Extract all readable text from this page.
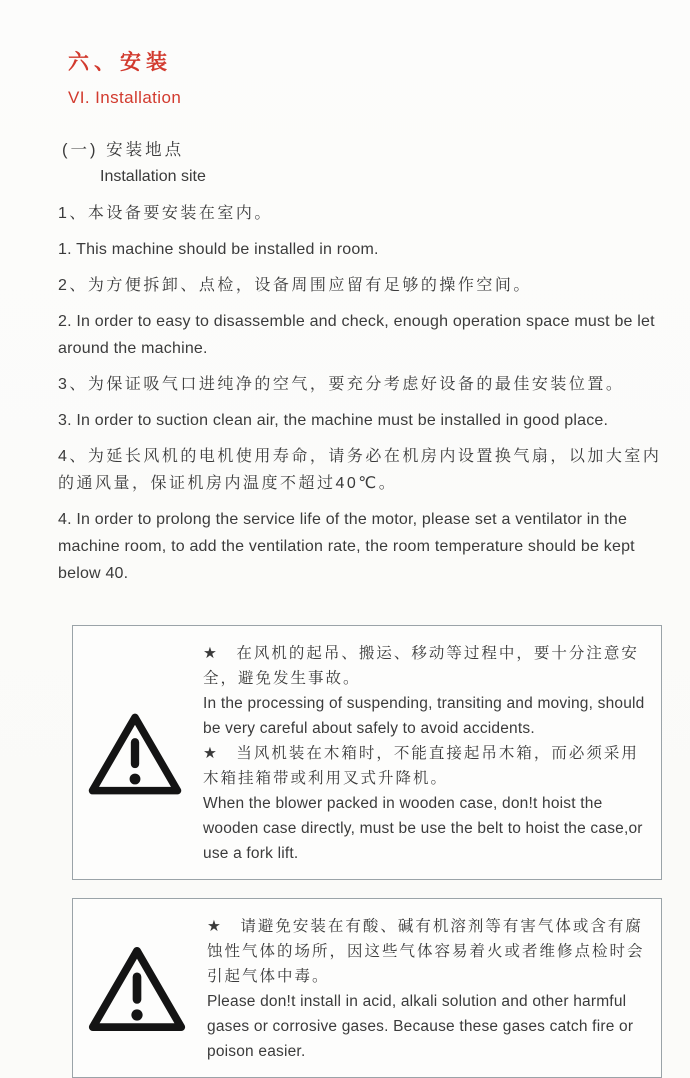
六、安装
VI. Installation

(一) 安装地点

Installation site

1、本设备要安装在室内。

1. This machine should be installed in room.

2、为方便拆卸、点检，设备周围应留有足够的操作空间。

2. In order to easy to disassemble and check, enough operation space must be let around the machine.

3、为保证吸气口进纯净的空气，要充分考虑好设备的最佳安装位置。

3. In order to suction clean air, the machine must be installed in good place.

4、为延长风机的电机使用寿命，请务必在机房内设置换气扇，以加大室内的通风量，保证机房内温度不超过40℃。

4. In order to prolong the service life of the motor, please set a ventilator in the machine room, to add the ventilation rate, the room temperature should be kept below 40.

★　在风机的起吊、搬运、移动等过程中，要十分注意安全，避免发生事故。

In the processing of suspending, transiting and moving, should be very careful about safely to avoid accidents.

★　当风机装在木箱时，不能直接起吊木箱，而必须采用木箱挂箱带或利用叉式升降机。

When the blower packed in wooden case, don!t hoist the wooden case directly, must be use the belt to hoist the case,or use a fork lift.

★　请避免安装在有酸、碱有机溶剂等有害气体或含有腐蚀性气体的场所，因这些气体容易着火或者维修点检时会引起气体中毒。

Please don!t install in acid, alkali solution and other harmful gases or corrosive gases. Because these gases catch fire or poison easier.
